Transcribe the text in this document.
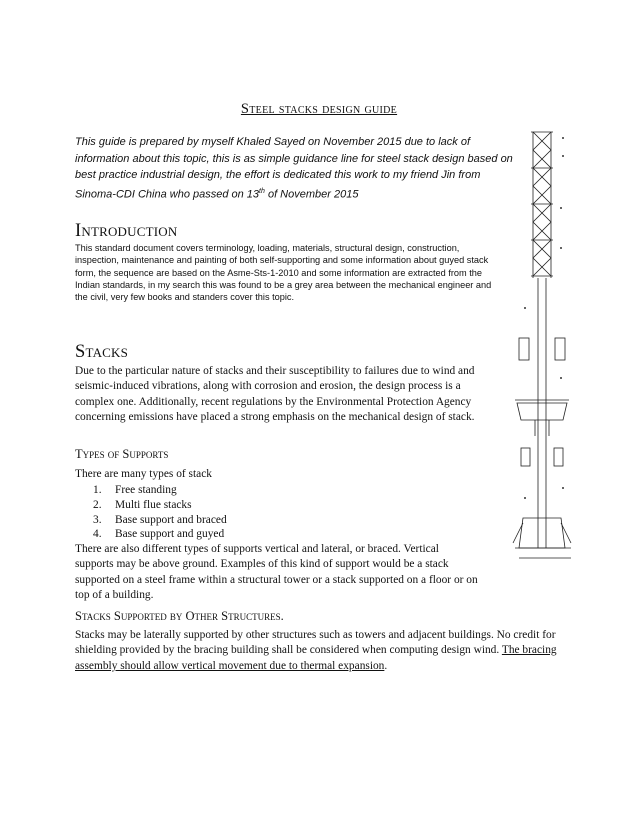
Steel stacks design guide
This guide is prepared by myself Khaled Sayed on November 2015 due to lack of information about this topic, this is as simple guidance line for steel stack design based on best practice industrial design, the effort is dedicated this work to my friend Jin from Sinoma-CDI China who passed on 13th of November 2015
Introduction
This standard document covers terminology, loading, materials, structural design, construction, inspection, maintenance and painting of both self-supporting and some information about guyed stack form, the sequence are based on the Asme-Sts-1-2010 and some information are extracted from the Indian standards, in my search this was found to be a grey area between the mechanical engineer and the civil, very few books and standers cover this topic.
Stacks
Due to the particular nature of stacks and their susceptibility to failures due to wind and seismic-induced vibrations, along with corrosion and erosion, the design process is a complex one. Additionally, recent regulations by the Environmental Protection Agency concerning emissions have placed a strong emphasis on the mechanical design of stack.
Types of Supports
There are many types of stack
1. Free standing
2. Multi flue stacks
3. Base support and braced
4. Base support and guyed
There are also different types of supports vertical and lateral, or braced. Vertical supports may be above ground. Examples of this kind of support would be a stack supported on a steel frame within a structural tower or a stack supported on a floor or on top of a building.
Stacks Supported by Other Structures.
Stacks may be laterally supported by other structures such as towers and adjacent buildings. No credit for shielding provided by the bracing building shall be considered when computing design wind. The bracing assembly should allow vertical movement due to thermal expansion.
